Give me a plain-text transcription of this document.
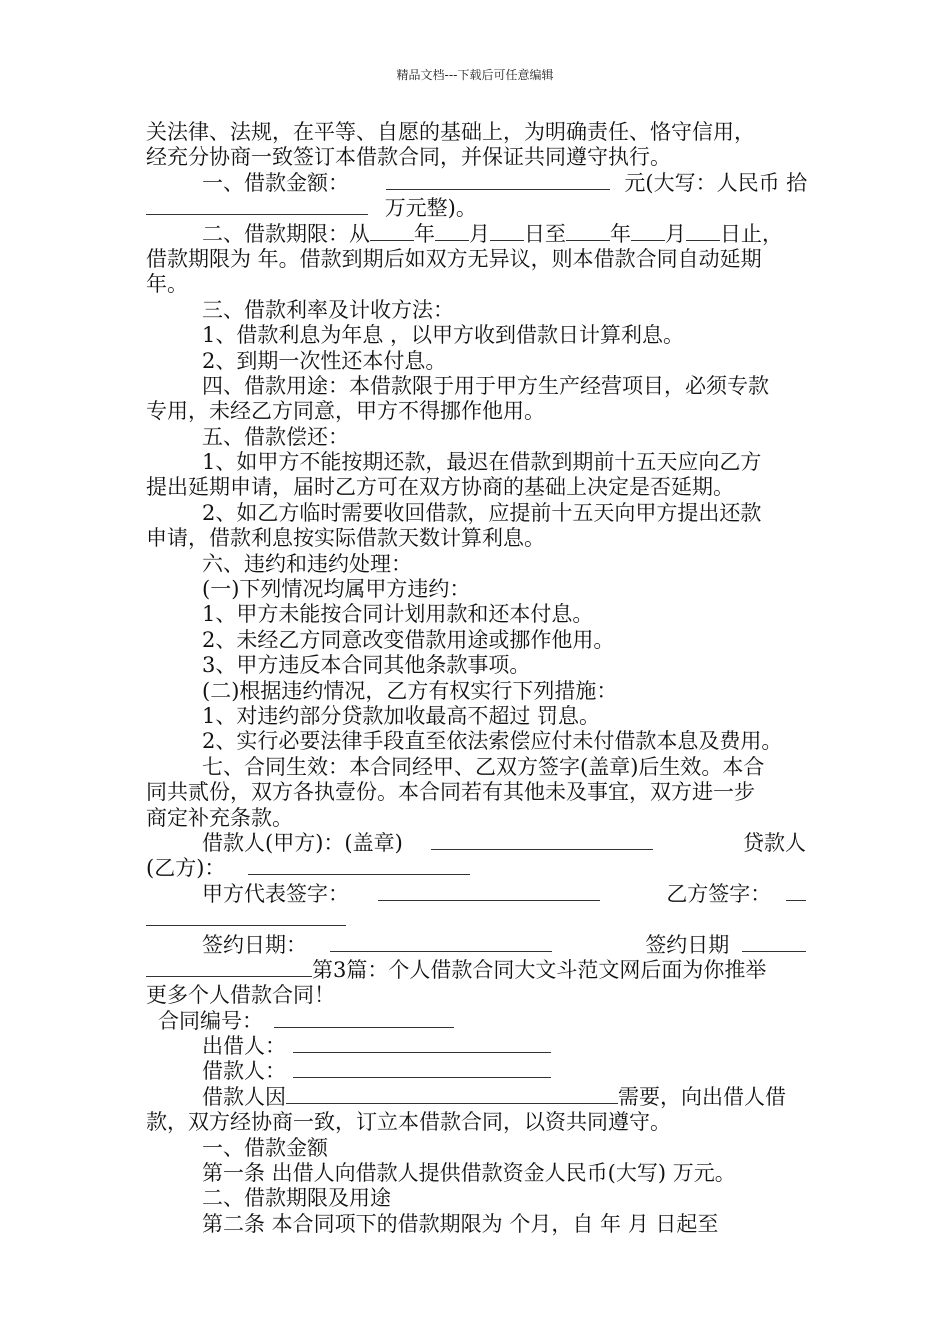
精品文档---下载后可任意编辑
关法律、法规，在平等、自愿的基础上，为明确责任、恪守信用，
经充分协商一致签订本借款合同，并保证共同遵守执行。
一、借款金额：	元(大写：人民币 拾
万元整)。
二、借款期限：从 年 月 日至 年 月 日止，
借款期限为 年。借款到期后如双方无异议，则本借款合同自动延期
年。
三、借款利率及计收方法：
1、借款利息为年息 ，以甲方收到借款日计算利息。
2、到期一次性还本付息。
四、借款用途：本借款限于用于甲方生产经营项目，必须专款
专用，未经乙方同意，甲方不得挪作他用。
五、借款偿还：
1、如甲方不能按期还款，最迟在借款到期前十五天应向乙方
提出延期申请，届时乙方可在双方协商的基础上决定是否延期。
2、如乙方临时需要收回借款，应提前十五天向甲方提出还款
申请，借款利息按实际借款天数计算利息。
六、违约和违约处理：
(一)下列情况均属甲方违约：
1、甲方未能按合同计划用款和还本付息。
2、未经乙方同意改变借款用途或挪作他用。
3、甲方违反本合同其他条款事项。
(二)根据违约情况，乙方有权实行下列措施：
1、对违约部分贷款加收最高不超过 罚息。
2、实行必要法律手段直至依法索偿应付未付借款本息及费用。
七、合同生效：本合同经甲、乙双方签字(盖章)后生效。本合
同共贰份，双方各执壹份。本合同若有其他未及事宜，双方进一步
商定补充条款。
借款人(甲方)：(盖章)	贷款人
(乙方)：
甲方代表签字：	乙方签字：
签约日期：	签约日期
第3篇：个人借款合同大文斗范文网后面为你推举
更多个人借款合同！
合同编号：
出借人：
借款人：
借款人因	需要，向出借人借
款，双方经协商一致，订立本借款合同，以资共同遵守。
一、借款金额
第一条 出借人向借款人提供借款资金人民币(大写) 万元。
二、借款期限及用途
第二条 本合同项下的借款期限为 个月，自 年 月 日起至
